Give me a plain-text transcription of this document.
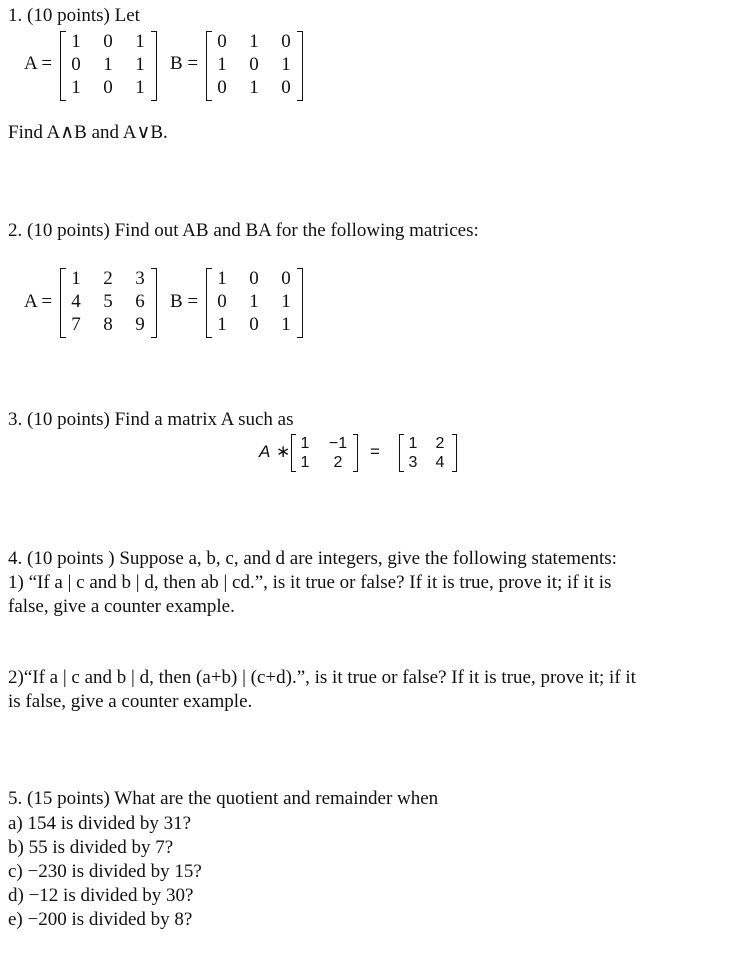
1. (10 points) Let
A =
1	0	1
0	1	1
1	0	1
B =
0	1	0
1	0	1
0	1	0
Find A∧B and A∨B.
2. (10 points) Find out AB and BA for the following matrices:
A =
1	2	3
4	5	6
7	8	9
B =
1	0	0
0	1	1
1	0	1
3. (10 points) Find a matrix A such as
A ∗ 1	−1
1	2
=	1	2
3	4
4. (10 points ) Suppose a, b, c, and d are integers, give the following statements:
1) “If a | c and b | d, then ab | cd.”, is it true or false? If it is true, prove it; if it is
false, give a counter example.
2)“If a | c and b | d, then (a+b) | (c+d).”, is it true or false? If it is true, prove it; if it
is false, give a counter example.
5. (15 points) What are the quotient and remainder when
a) 154 is divided by 31?
b) 55 is divided by 7?
c) −230 is divided by 15?
d) −12 is divided by 30?
e) −200 is divided by 8?
